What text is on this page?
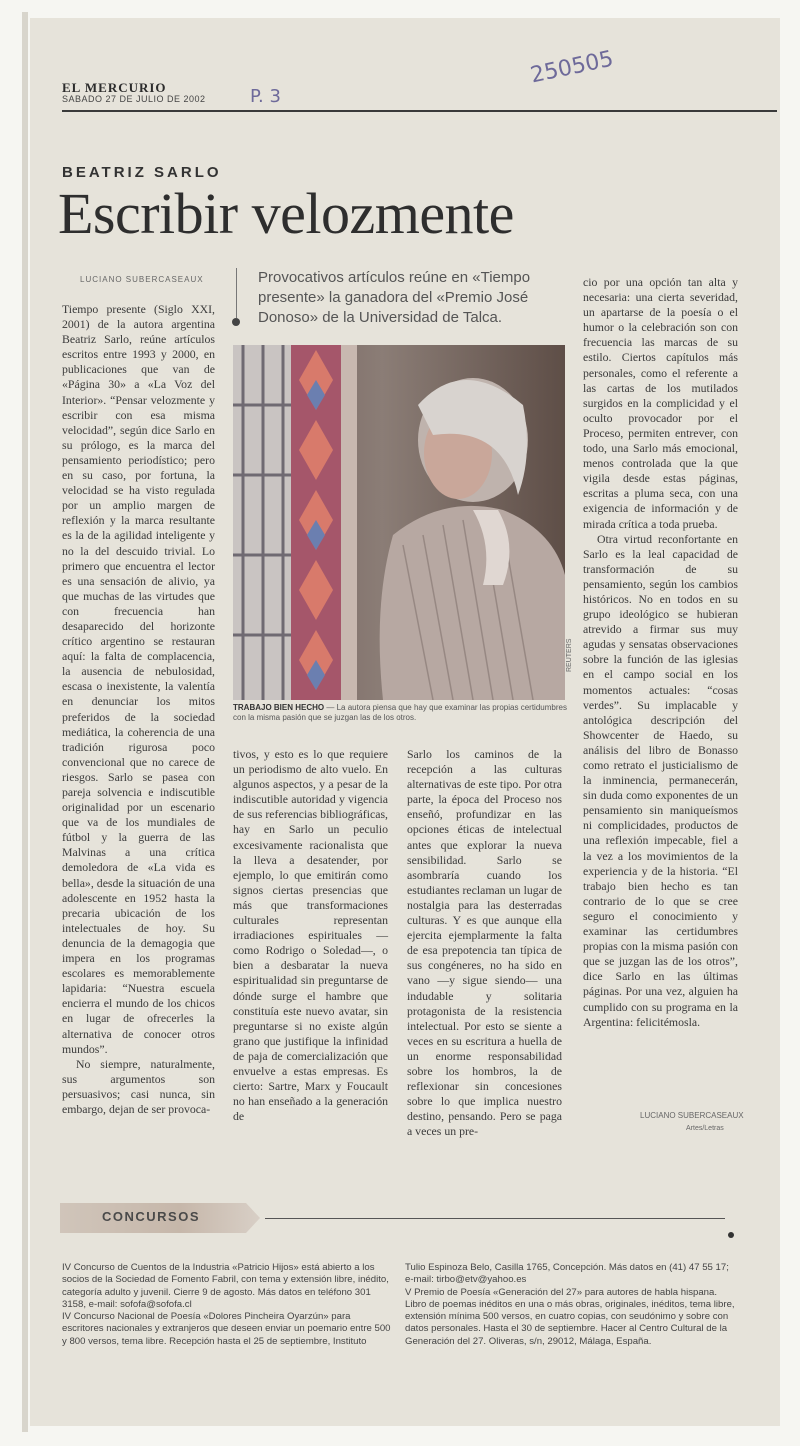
EL MERCURIO
SABADO 27 DE JULIO DE 2002 P. 3
250505
BEATRIZ SARLO
Escribir velozmente
LUCIANO SUBERCASEAUX	Provocativos artículos reúne en «Tiempo presente» la ganadora del «Premio José Donoso» de la Universidad de Talca.

Tiempo presente (Siglo XXI, 2001) de la autora argentina Beatriz Sarlo, reúne artículos escritos entre 1993 y 2000, en publicaciones que van de «Página 30» a «La Voz del Interior». “Pensar velozmente y escribir con esa misma velocidad”, según dice Sarlo en su prólogo, es la marca del pensamiento periodístico; pero en su caso, por fortuna, la velocidad se ha visto regulada por un amplio margen de reflexión y la marca resultante es la de la agilidad inteligente y no la del descuido trivial. Lo primero que encuentra el lector es una sensación de alivio, ya que muchas de las virtudes que con frecuencia han desaparecido del horizonte crítico argentino se restauran aquí: la falta de complacencia, la ausencia de nebulosidad, escasa o inexistente, la valentía en denunciar los mitos preferidos de la sociedad mediática, la coherencia de una tradición rigurosa poco convencional que no carece de riesgos. Sarlo se pasea con pareja solvencia e indiscutible originalidad por un escenario que va de los mundiales de fútbol y la guerra de las Malvinas a una crítica demoledora de «La vida es bella», desde la situación de una adolescente en 1952 hasta la precaria ubicación de los intelectuales de hoy. Su denuncia de la demagogia que impera en los programas escolares es memorablemente lapidaria: “Nuestra escuela encierra el mundo de los chicos en lugar de ofrecerles la alternativa de conocer otros mundos”.

No siempre, naturalmente, sus argumentos son persuasivos; casi nunca, sin embargo, dejan de ser provoca-

REUTERS
TRABAJO BIEN HECHO — La autora piensa que hay que examinar las propias certidumbres con la misma pasión que se juzgan las de los otros.

tivos, y esto es lo que requiere un periodismo de alto vuelo. En algunos aspectos, y a pesar de la indiscutible autoridad y vigencia de sus referencias bibliográficas, hay en Sarlo un peculio excesivamente racionalista que la lleva a desatender, por ejemplo, lo que emitirán como signos ciertas presencias que más que transformaciones culturales representan irradiaciones espirituales —como Rodrigo o Soledad—, o bien a desbaratar la nueva espiritualidad sin preguntarse de dónde surge el hambre que constituía este nuevo avatar, sin preguntarse si no existe algún grano que justifique la infinidad de paja de comercialización que envuelve a estas empresas. Es cierto: Sartre, Marx y Foucault no han enseñado a la generación de

Sarlo los caminos de la recepción a las culturas alternativas de este tipo. Por otra parte, la época del Proceso nos enseñó, profundizar en las opciones éticas de intelectual antes que explorar la nueva sensibilidad. Sarlo se asombraría cuando los estudiantes reclaman un lugar de nostalgia para las desterradas culturas. Y es que aunque ella ejercita ejemplarmente la falta de esa prepotencia tan típica de sus congéneres, no ha sido en vano —y sigue siendo— una indudable y solitaria protagonista de la resistencia intelectual. Por esto se siente a veces en su escritura a huella de un enorme responsabilidad sobre los hombros, la de reflexionar sin concesiones sobre lo que implica nuestro destino, pensando. Pero se paga a veces un pre-

cio por una opción tan alta y necesaria: una cierta severidad, un apartarse de la poesía o el humor o la celebración son con frecuencia las marcas de su estilo. Ciertos capítulos más personales, como el referente a las cartas de los mutilados surgidos en la complicidad y el oculto provocador por el Proceso, permiten entrever, con todo, una Sarlo más emocional, menos controlada que la que vigila desde estas páginas, escritas a pluma seca, con una exigencia de información y de mirada crítica a toda prueba.

Otra virtud reconfortante en Sarlo es la leal capacidad de transformación de su pensamiento, según los cambios históricos. No en todos en su grupo ideológico se hubieran atrevido a firmar sus muy agudas y sensatas observaciones sobre la función de las iglesias en el campo social en los momentos actuales: “cosas verdes”. Su implacable y antológica descripción del Showcenter de Haedo, su análisis del libro de Bonasso como retrato el justicialismo de la inminencia, permanecerán, sin duda como exponentes de un pensamiento sin maniqueísmos ni complicidades, productos de una reflexión impecable, fiel a la vez a los movimientos de la experiencia y de la historia. “El trabajo bien hecho es tan contrario de lo que se cree seguro el conocimiento y examinar las certidumbres propias con la misma pasión con que se juzgan las de los otros”, dice Sarlo en las últimas páginas. Por una vez, alguien ha cumplido con su programa en la Argentina: felicitémosla.

LUCIANO SUBERCASEAUX
Artes/Letras
CONCURSOS

IV Concurso de Cuentos de la Industria «Patricio Hijos» está abierto a los socios de la Sociedad de Fomento Fabril, con tema y extensión libre, inédito, categoría adulto y juvenil. Cierre 9 de agosto. Más datos en teléfono 301 3158, e-mail: sofofa@sofofa.cl

IV Concurso Nacional de Poesía «Dolores Pincheira Oyarzún» para escritores nacionales y extranjeros que deseen enviar un poemario entre 500 y 800 versos, tema libre. Recepción hasta el 25 de septiembre, Instituto

Tulio Espinoza Belo, Casilla 1765, Concepción. Más datos en (41) 47 55 17; e-mail: tirbo@etv@yahoo.es

V Premio de Poesía «Generación del 27» para autores de habla hispana. Libro de poemas inéditos en una o más obras, originales, inéditos, tema libre, extensión mínima 500 versos, en cuatro copias, con seudónimo y sobre con datos personales. Hasta el 30 de septiembre. Hacer al Centro Cultural de la Generación del 27. Oliveras, s/n, 29012, Málaga, España.
